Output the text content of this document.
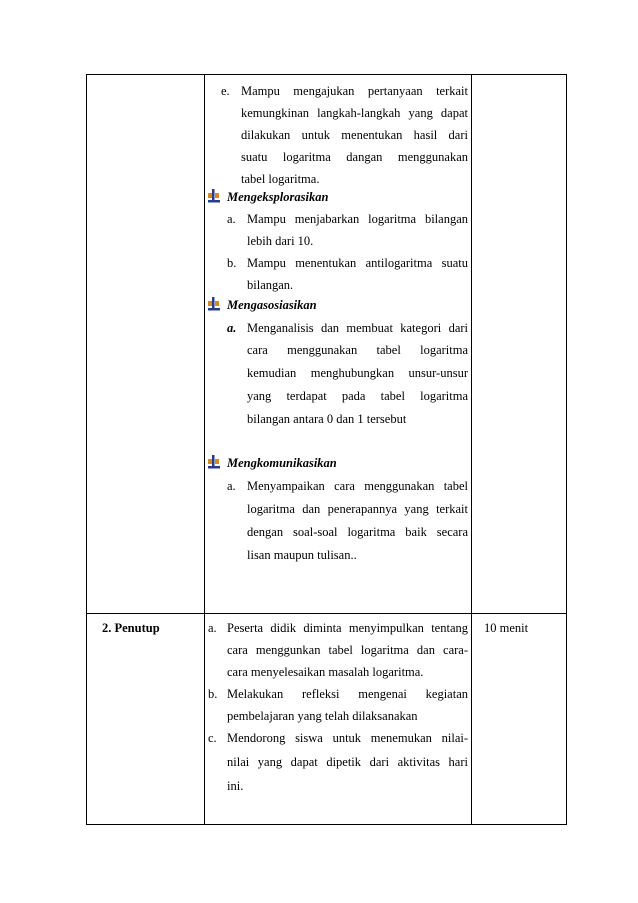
e. Mampu mengajukan pertanyaan terkait
kemungkinan langkah-langkah yang dapat
dilakukan untuk menentukan hasil dari
suatu logaritma dangan menggunakan
tabel logaritma.
Mengeksplorasikan
a. Mampu menjabarkan logaritma bilangan
lebih dari 10.
b. Mampu menentukan antilogaritma suatu
bilangan.
Mengasosiasikan
a. Menganalisis dan membuat kategori dari
cara menggunakan tabel logaritma
kemudian menghubungkan unsur-unsur
yang terdapat pada tabel logaritma
bilangan antara 0 dan 1 tersebut
Mengkomunikasikan
a. Menyampaikan cara menggunakan tabel
logaritma dan penerapannya yang terkait
dengan soal-soal logaritma baik secara
lisan maupun tulisan..
2. Penutup	a. Peserta didik diminta menyimpulkan tentang
cara menggunkan tabel logaritma dan cara-
cara menyelesaikan masalah logaritma.
b. Melakukan refleksi mengenai kegiatan
pembelajaran yang telah dilaksanakan
c. Mendorong siswa untuk menemukan nilai-
nilai yang dapat dipetik dari aktivitas hari
ini.
10 menit
